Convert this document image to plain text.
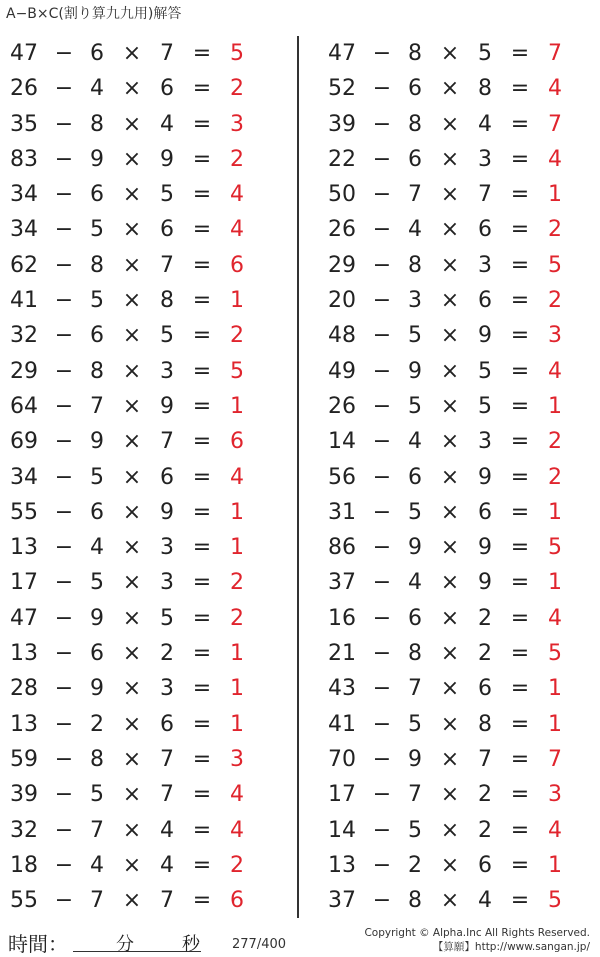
A−B×C(割り算九九用)解答
47 − 6 × 7 = 5
26 − 4 × 6 = 2
35 − 8 × 4 = 3
83 − 9 × 9 = 2
34 − 6 × 5 = 4
34 − 5 × 6 = 4
62 − 8 × 7 = 6
41 − 5 × 8 = 1
32 − 6 × 5 = 2
29 − 8 × 3 = 5
64 − 7 × 9 = 1
69 − 9 × 7 = 6
34 − 5 × 6 = 4
55 − 6 × 9 = 1
13 − 4 × 3 = 1
17 − 5 × 3 = 2
47 − 9 × 5 = 2
13 − 6 × 2 = 1
28 − 9 × 3 = 1
13 − 2 × 6 = 1
59 − 8 × 7 = 3
39 − 5 × 7 = 4
32 − 7 × 4 = 4
18 − 4 × 4 = 2
55 − 7 × 7 = 6
47 − 8 × 5 = 7
52 − 6 × 8 = 4
39 − 8 × 4 = 7
22 − 6 × 3 = 4
50 − 7 × 7 = 1
26 − 4 × 6 = 2
29 − 8 × 3 = 5
20 − 3 × 6 = 2
48 − 5 × 9 = 3
49 − 9 × 5 = 4
26 − 5 × 5 = 1
14 − 4 × 3 = 2
56 − 6 × 9 = 2
31 − 5 × 6 = 1
86 − 9 × 9 = 5
37 − 4 × 9 = 1
16 − 6 × 2 = 4
21 − 8 × 2 = 5
43 − 7 × 6 = 1
41 − 5 × 8 = 1
70 − 9 × 7 = 7
17 − 7 × 2 = 3
14 − 5 × 2 = 4
13 − 2 × 6 = 1
37 − 8 × 4 = 5
時間：	分	秒 277/400
Copyright © Alpha.Inc All Rights Reserved.
【算願】http://www.sangan.jp/
